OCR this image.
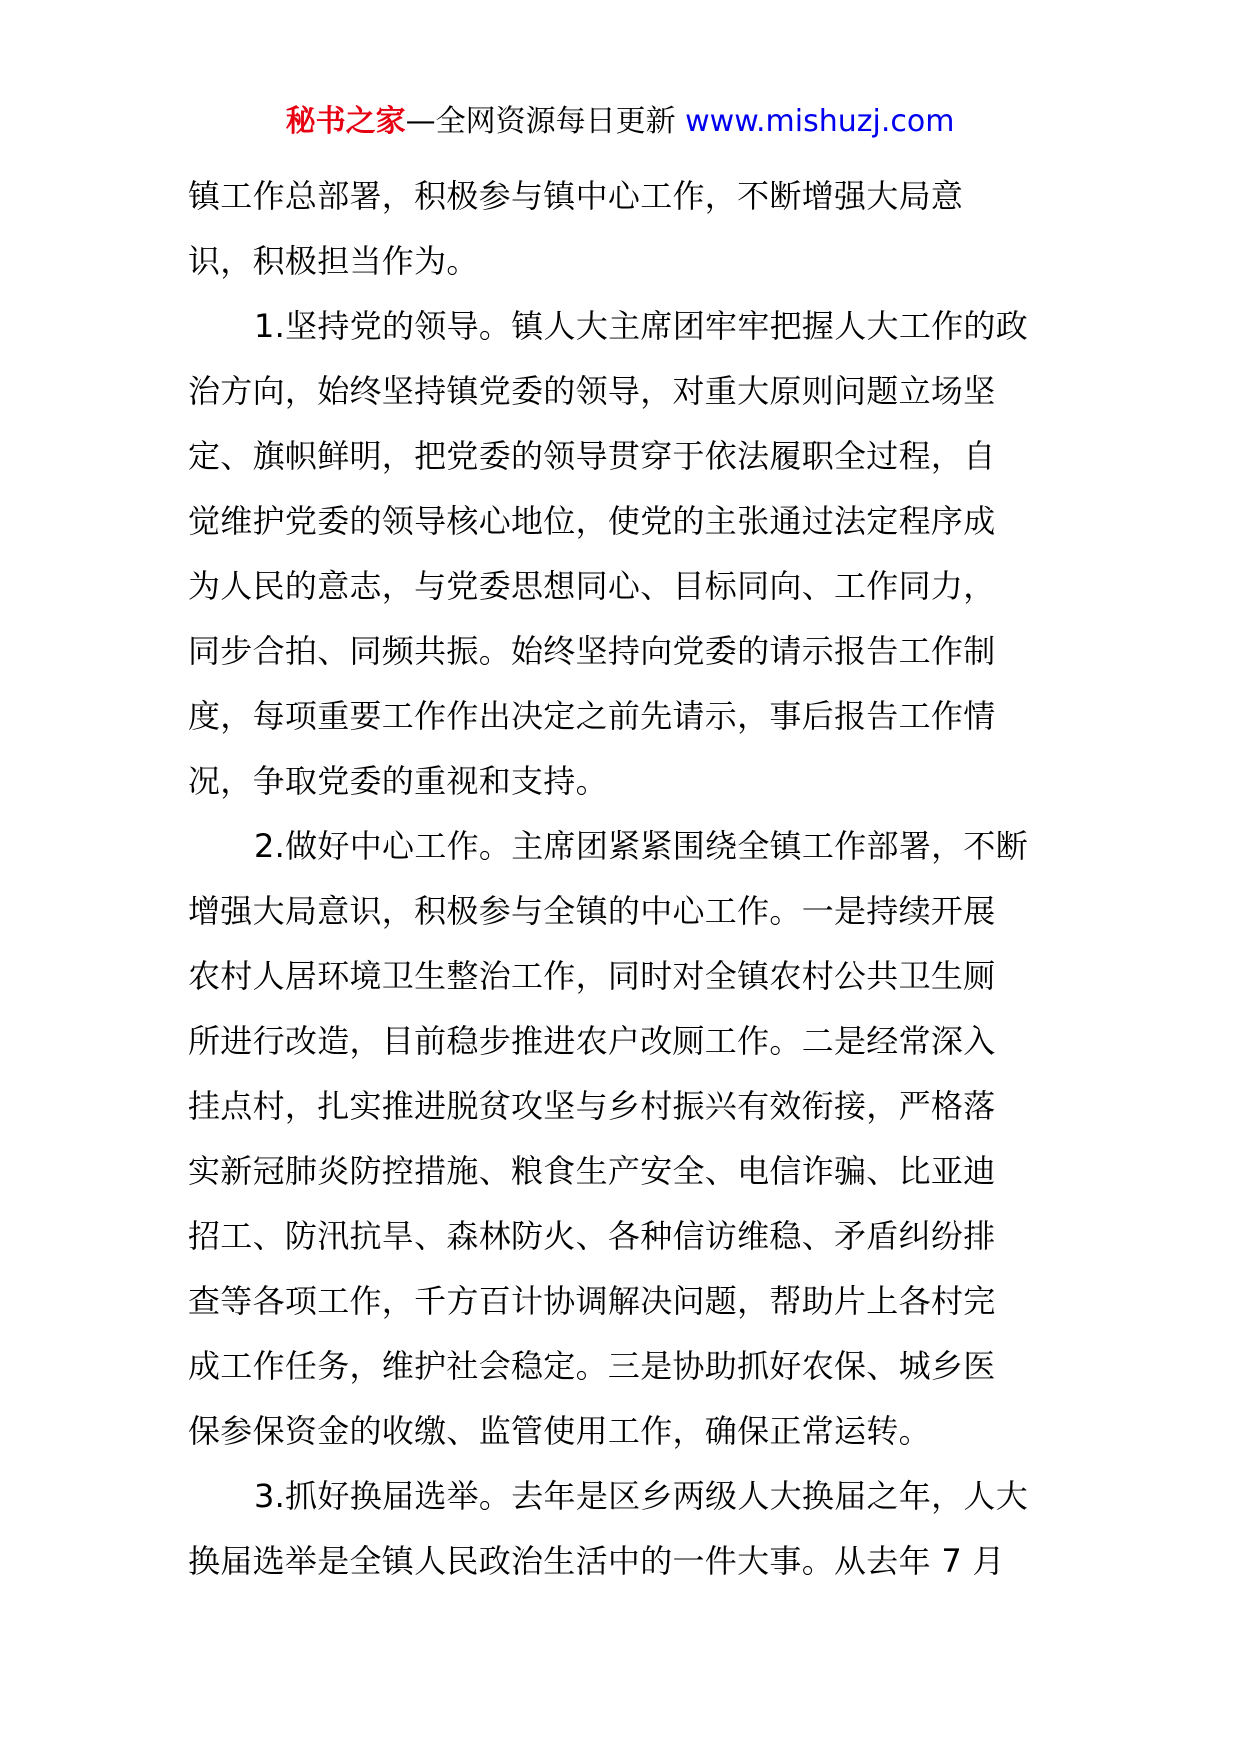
秘书之家—全网资源每日更新 www.mishuzj.com
镇工作总部署，积极参与镇中心工作，不断增强大局意
识，积极担当作为。
1.坚持党的领导。镇人大主席团牢牢把握人大工作的政
治方向，始终坚持镇党委的领导，对重大原则问题立场坚
定、旗帜鲜明，把党委的领导贯穿于依法履职全过程，自
觉维护党委的领导核心地位，使党的主张通过法定程序成
为人民的意志，与党委思想同心、目标同向、工作同力，
同步合拍、同频共振。始终坚持向党委的请示报告工作制
度，每项重要工作作出决定之前先请示，事后报告工作情
况，争取党委的重视和支持。
2.做好中心工作。主席团紧紧围绕全镇工作部署，不断
增强大局意识，积极参与全镇的中心工作。一是持续开展
农村人居环境卫生整治工作，同时对全镇农村公共卫生厕
所进行改造，目前稳步推进农户改厕工作。二是经常深入
挂点村，扎实推进脱贫攻坚与乡村振兴有效衔接，严格落
实新冠肺炎防控措施、粮食生产安全、电信诈骗、比亚迪
招工、防汛抗旱、森林防火、各种信访维稳、矛盾纠纷排
查等各项工作，千方百计协调解决问题，帮助片上各村完
成工作任务，维护社会稳定。三是协助抓好农保、城乡医
保参保资金的收缴、监管使用工作，确保正常运转。
3.抓好换届选举。去年是区乡两级人大换届之年，人大
换届选举是全镇人民政治生活中的一件大事。从去年 7 月
